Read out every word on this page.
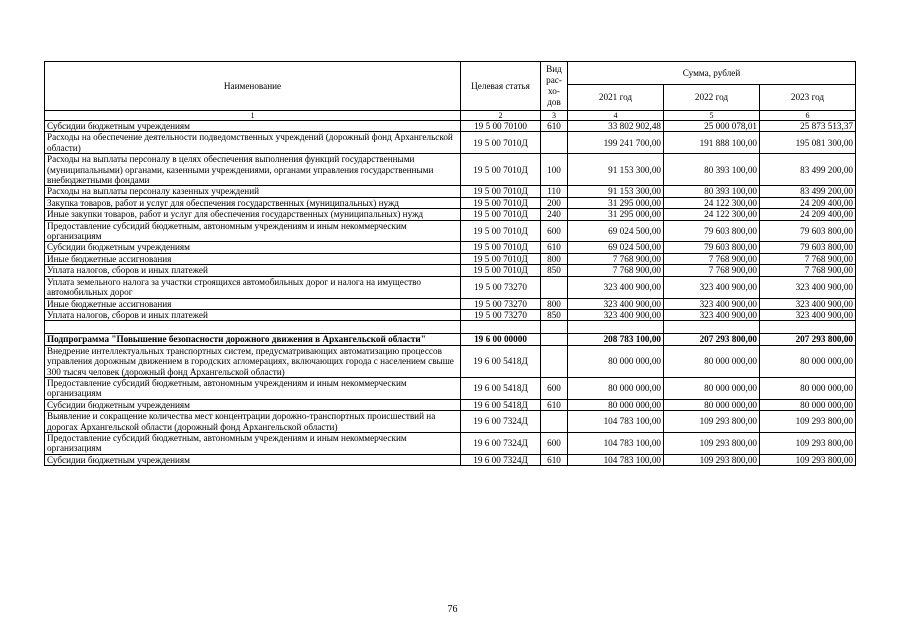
Наименование	Целевая статья	Вид рас-хо-дов	Сумма, рублей		
			2021 год	2022 год	2023 год
1	2	3	4	5	6
Субсидии бюджетным учреждениям	19 5 00 70100	610	33 802 902,48	25 000 078,01	25 873 513,37
Расходы на обеспечение деятельности подведомственных учреждений (дорожный фонд Архангельской области)	19 5 00 7010Д		199 241 700,00	191 888 100,00	195 081 300,00
Расходы на выплаты персоналу в целях обеспечения выполнения функций государственными (муниципальными) органами, казенными учреждениями, органами управления государственными внебюджетными фондами	19 5 00 7010Д	100	91 153 300,00	80 393 100,00	83 499 200,00
Расходы на выплаты персоналу казенных учреждений	19 5 00 7010Д	110	91 153 300,00	80 393 100,00	83 499 200,00
Закупка товаров, работ и услуг для обеспечения государственных (муниципальных) нужд	19 5 00 7010Д	200	31 295 000,00	24 122 300,00	24 209 400,00
Иные закупки товаров, работ и услуг для обеспечения государственных (муниципальных) нужд	19 5 00 7010Д	240	31 295 000,00	24 122 300,00	24 209 400,00
Предоставление субсидий бюджетным, автономным учреждениям и иным некоммерческим организациям	19 5 00 7010Д	600	69 024 500,00	79 603 800,00	79 603 800,00
Субсидии бюджетным учреждениям	19 5 00 7010Д	610	69 024 500,00	79 603 800,00	79 603 800,00
Иные бюджетные ассигнования	19 5 00 7010Д	800	7 768 900,00	7 768 900,00	7 768 900,00
Уплата налогов, сборов и иных платежей	19 5 00 7010Д	850	7 768 900,00	7 768 900,00	7 768 900,00
Уплата земельного налога за участки строящихся автомобильных дорог и налога на имущество автомобильных дорог	19 5 00 73270		323 400 900,00	323 400 900,00	323 400 900,00
Иные бюджетные ассигнования	19 5 00 73270	800	323 400 900,00	323 400 900,00	323 400 900,00
Уплата налогов, сборов и иных платежей	19 5 00 73270	850	323 400 900,00	323 400 900,00	323 400 900,00

Подпрограмма "Повышение безопасности дорожного движения в Архангельской области"	19 6 00 00000		208 783 100,00	207 293 800,00	207 293 800,00
Внедрение интеллектуальных транспортных систем, предусматривающих автоматизацию процессов управления дорожным движением в городских агломерациях, включающих города с населением свыше 300 тысяч человек (дорожный фонд Архангельской области)	19 6 00 5418Д		80 000 000,00	80 000 000,00	80 000 000,00
Предоставление субсидий бюджетным, автономным учреждениям и иным некоммерческим организациям	19 6 00 5418Д	600	80 000 000,00	80 000 000,00	80 000 000,00
Субсидии бюджетным учреждениям	19 6 00 5418Д	610	80 000 000,00	80 000 000,00	80 000 000,00
Выявление и сокращение количества мест концентрации дорожно-транспортных происшествий на дорогах Архангельской области (дорожный фонд Архангельской области)	19 6 00 7324Д		104 783 100,00	109 293 800,00	109 293 800,00
Предоставление субсидий бюджетным, автономным учреждениям и иным некоммерческим организациям	19 6 00 7324Д	600	104 783 100,00	109 293 800,00	109 293 800,00
Субсидии бюджетным учреждениям	19 6 00 7324Д	610	104 783 100,00	109 293 800,00	109 293 800,00
76
